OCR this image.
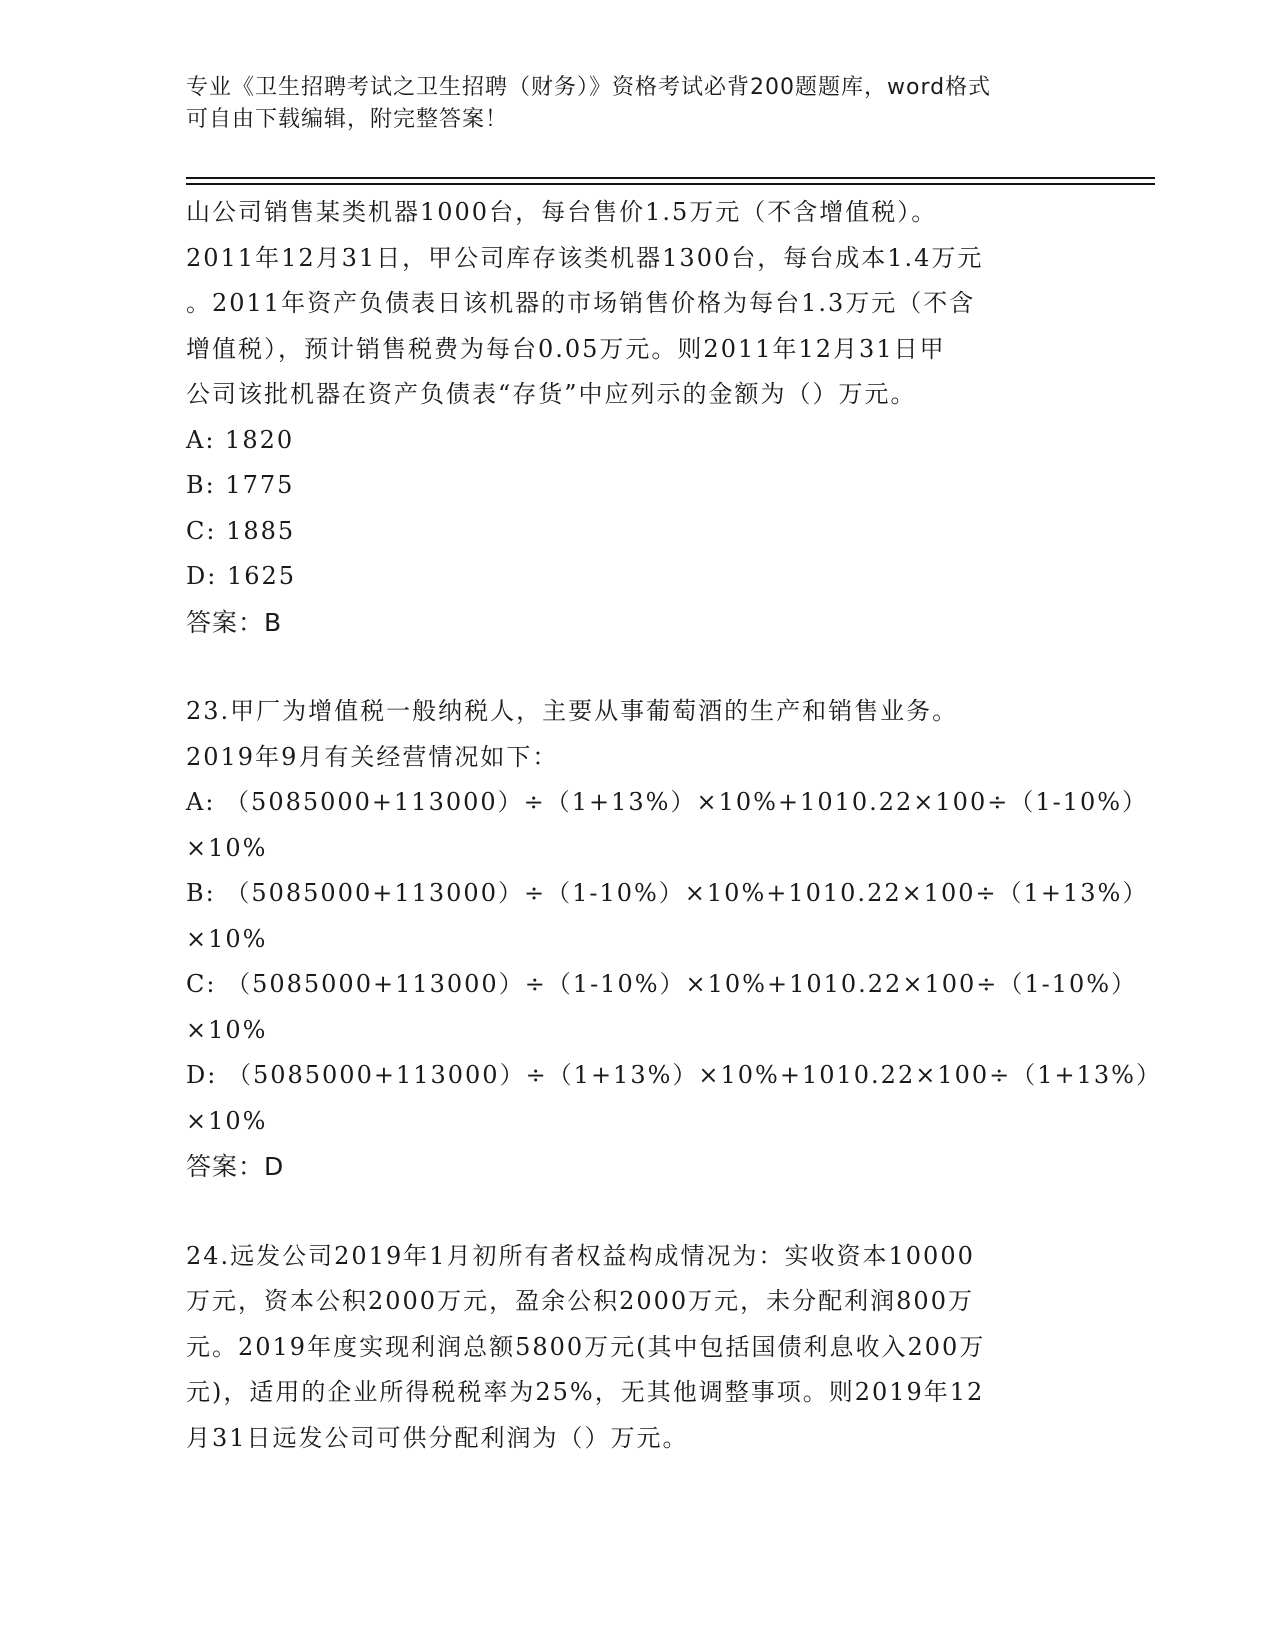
专业《卫生招聘考试之卫生招聘（财务）》资格考试必背200题题库，word格式
可自由下载编辑，附完整答案！
山公司销售某类机器1000台，每台售价1.5万元（不含增值税）。
2011年12月31日，甲公司库存该类机器1300台，每台成本1.4万元
。2011年资产负债表日该机器的市场销售价格为每台1.3万元（不含
增值税），预计销售税费为每台0.05万元。则2011年12月31日甲
公司该批机器在资产负债表“存货”中应列示的金额为（）万元。
A: 1820
B: 1775
C: 1885
D: 1625
答案：B
23.甲厂为增值税一般纳税人，主要从事葡萄酒的生产和销售业务。
2019年9月有关经营情况如下：
A: （5085000+113000）÷（1+13%）×10%+1010.22×100÷（1-10%）
×10%
B: （5085000+113000）÷（1-10%）×10%+1010.22×100÷（1+13%）
×10%
C: （5085000+113000）÷（1-10%）×10%+1010.22×100÷（1-10%）
×10%
D: （5085000+113000）÷（1+13%）×10%+1010.22×100÷（1+13%）
×10%
答案：D
24.远发公司2019年1月初所有者权益构成情况为：实收资本10000
万元，资本公积2000万元，盈余公积2000万元，未分配利润800万
元。2019年度实现利润总额5800万元(其中包括国债利息收入200万
元)，适用的企业所得税税率为25%，无其他调整事项。则2019年12
月31日远发公司可供分配利润为（）万元。
